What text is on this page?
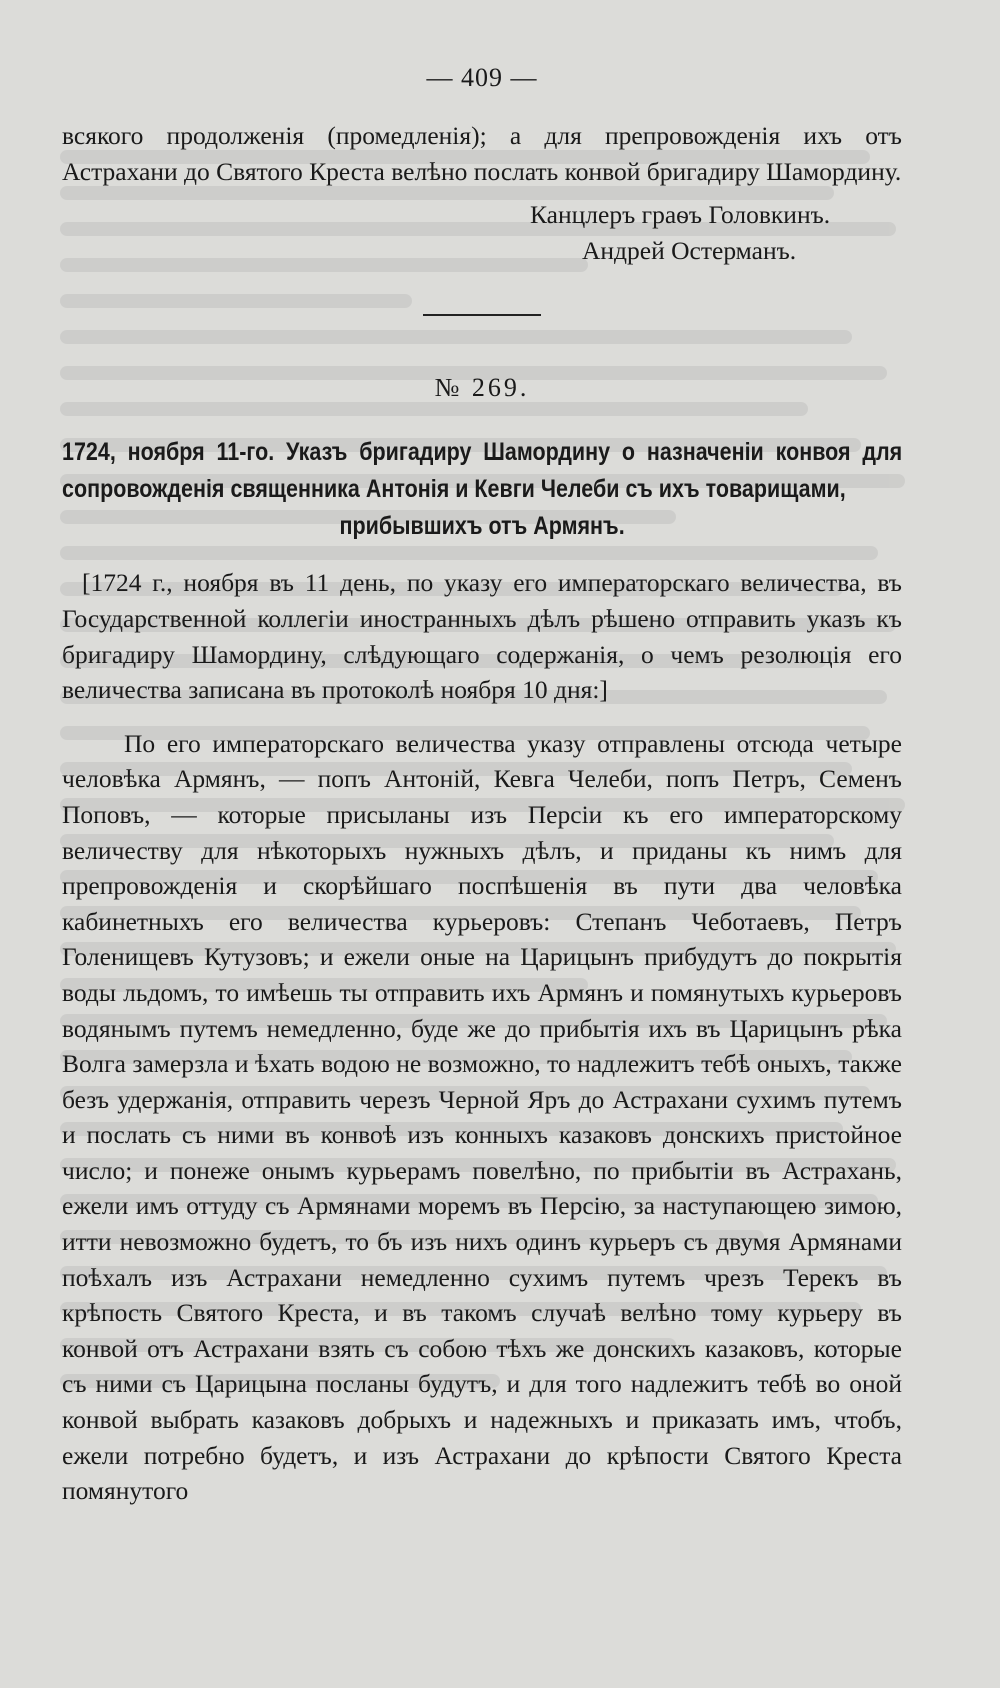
— 409 —

всякого продолженія (промедленія); а для препровожденія ихъ отъ Астрахани до Святого Креста велѣно послать конвой бригадиру Шамордину.

Канцлеръ граѳъ Головкинъ.

Андрей Остерманъ.

№ 269.
1724, ноября 11-го. Указъ бригадиру Шамордину о назначеніи конвоя для сопровожденія священника Антонія и Кевги Челеби съ ихъ товарищами,
прибывшихъ отъ Армянъ.

[1724 г., ноября въ 11 день, по указу его императорскаго величества, въ Государственной коллегіи иностранныхъ дѣлъ рѣшено отправить указъ къ бригадиру Шамордину, слѣдующаго содержанія, о чемъ резолюція его величества записана въ протоколѣ ноября 10 дня:]

По его императорскаго величества указу отправлены отсюда четыре человѣка Армянъ, — попъ Антоній, Кевга Челеби, попъ Петръ, Семенъ Поповъ, — которые присыланы изъ Персіи къ его императорскому величеству для нѣкоторыхъ нужныхъ дѣлъ, и приданы къ нимъ для препровожденія и скорѣйшаго поспѣшенія въ пути два человѣка кабинетныхъ его величества курьеровъ: Степанъ Чеботаевъ, Петръ Голенищевъ Кутузовъ; и ежели оные на Царицынъ прибудутъ до покрытія воды льдомъ, то имѣешь ты отправить ихъ Армянъ и помянутыхъ курьеровъ водянымъ путемъ немедленно, буде же до прибытія ихъ въ Царицынъ рѣка Волга замерзла и ѣхать водою не возможно, то надлежитъ тебѣ оныхъ, также безъ удержанія, отправить черезъ Черной Яръ до Астрахани сухимъ путемъ и послать съ ними въ конвоѣ изъ конныхъ казаковъ донскихъ пристойное число; и понеже онымъ курьерамъ повелѣно, по прибытіи въ Астрахань, ежели имъ оттуду съ Армянами моремъ въ Персію, за наступающею зимою, итти невозможно будетъ, то бъ изъ нихъ одинъ курьеръ съ двумя Армянами поѣхалъ изъ Астрахани немедленно сухимъ путемъ чрезъ Терекъ въ крѣпость Святого Креста, и въ такомъ случаѣ велѣно тому курьеру въ конвой отъ Астрахани взять съ собою тѣхъ же донскихъ казаковъ, которые съ ними съ Царицына посланы будутъ, и для того надлежитъ тебѣ во оной конвой выбрать казаковъ добрыхъ и надежныхъ и приказать имъ, чтобъ, ежели потребно будетъ, и изъ Астрахани до крѣпости Святого Креста помянутого
